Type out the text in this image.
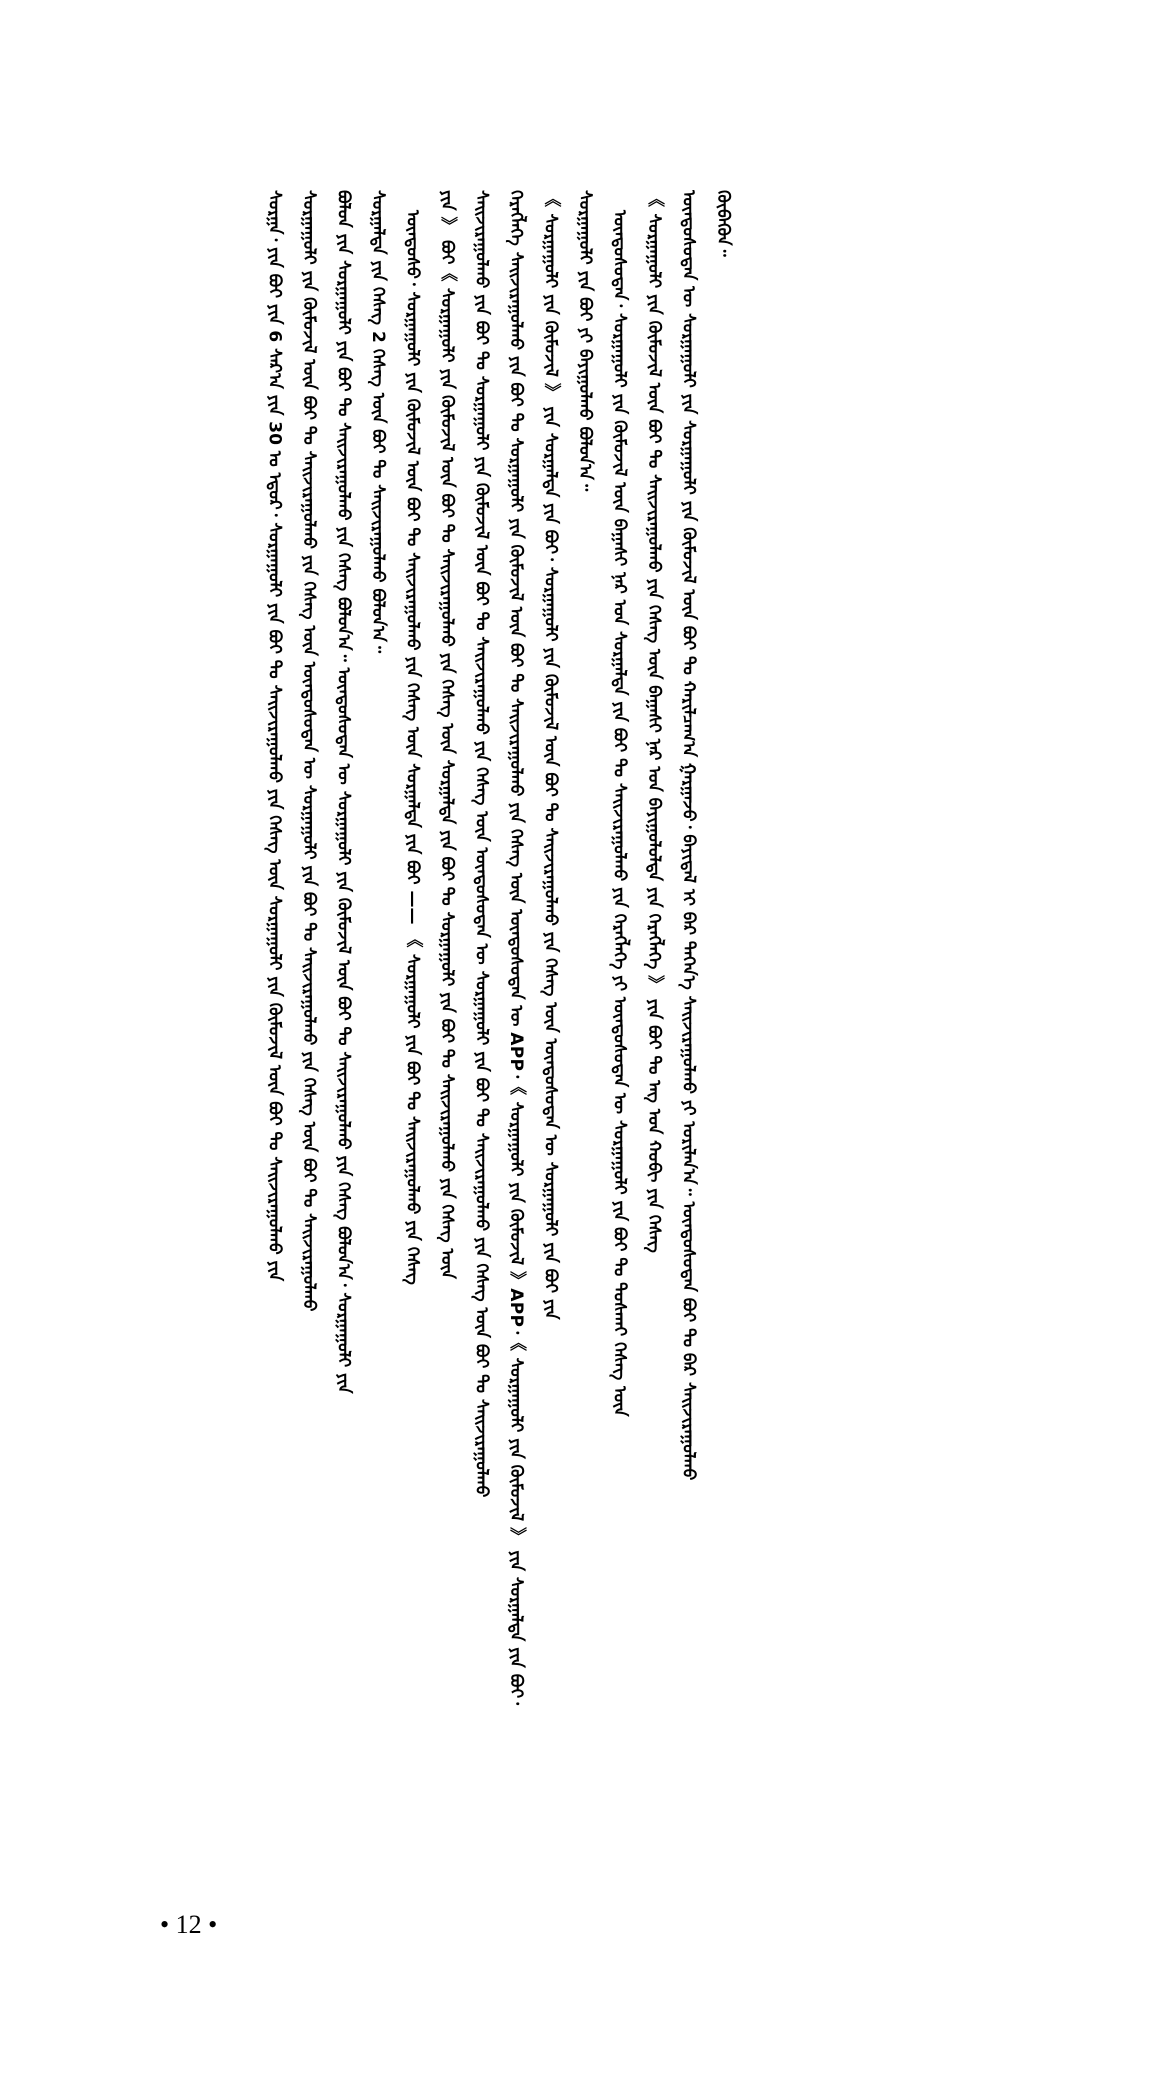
ᠬᠥᠪᠡᠭᠦᠨ᠃
ᠦᠨᠳᠦᠰᠦᠲᠡᠨ ᠦ ᠰᠤᠷᠭᠠᠭᠤᠯᠢ ᠶᠢᠨ ᠰᠤᠷᠭᠠᠭᠤᠯᠢ ᠶᠢᠨ ᠬᠦᠮᠦᠵᠢᠯ ᠦᠨ ᠪᠤᠢ ᠲᠤ ᠬᠠᠷᠢᠯᠴᠠᠭ᠎ᠠ ᠭᠠᠷᠭᠠᠵᠤ᠂ ᠪᠠᠶᠢᠳᠠᠯ ᠢ ᠪᠡᠷ ᠳᠡᠭᠡᠨ᠎ᠡ ᠰᠠᠢᠵᠢᠷᠠᠭᠤᠯᠬᠤ ᠶᠢ ᠤᠷᠢᠯᠠᠨ᠎ᠠ᠃ ᠦᠨᠳᠦᠰᠦᠲᠡᠨ ᠪᠤᠢ ᠲᠤ ᠪᠡᠷ ᠰᠠᠢᠵᠢᠷᠠᠭᠤᠯᠬᠤ
《 ᠰᠤᠷᠭᠠᠭᠤᠯᠢ ᠶᠢᠨ ᠬᠦᠮᠦᠵᠢᠯ ᠦᠨ ᠪᠤᠢ ᠲᠤ ᠰᠠᠢᠵᠢᠷᠠᠭᠤᠯᠬᠤ ᠶᠢᠨ ᠬᠡᠰᠡᠭ ᠦᠨ ᠪᠠᠭᠠᠰᠢ ᠨᠠᠷ ᠤᠨ ᠪᠠᠶᠢᠭᠤᠯᠤᠯᠲᠠ ᠶᠢᠨ ᠬᠡᠷᠡᠭᠯᠡᠭᠡ 》 ᠶᠢᠨ ᠪᠤᠢ ᠲᠤ ᠡᠩ ᠤᠨ ᠬᠤᠪᠢ ᠶᠢᠨ ᠬᠡᠰᠡᠭ
ᠦᠨᠳᠦᠰᠦᠲᠡᠨ᠂ ᠰᠤᠷᠭᠠᠭᠤᠯᠢ ᠶᠢᠨ ᠬᠦᠮᠦᠵᠢᠯ ᠦᠨ ᠪᠠᠭᠠᠰᠢ ᠨᠠᠷ ᠤᠨ ᠰᠤᠷᠭᠠᠯᠲᠠ ᠶᠢᠨ ᠪᠤᠢ ᠲᠤ ᠰᠠᠢᠵᠢᠷᠠᠭᠤᠯᠬᠤ ᠶᠢᠨ ᠬᠡᠷᠡᠭᠯᠡᠭᠡ ᠶᠢ ᠦᠨᠳᠦᠰᠦᠲᠡᠨ ᠦ ᠰᠤᠷᠭᠠᠭᠤᠯᠢ ᠶᠢᠨ ᠪᠤᠢ ᠲᠤ ᠲᠤᠰᠬᠠᠢ ᠬᠡᠰᠡᠭ ᠦᠨ
ᠰᠤᠷᠭᠠᠭᠤᠯᠢ ᠶᠢᠨ ᠪᠤᠢ ᠶᠢ ᠪᠠᠶᠢᠭᠤᠯᠬᠤ ᠪᠤᠯᠤᠨ᠎ᠠ᠃
《 ᠰᠤᠷᠭᠠᠭᠤᠯᠢ ᠶᠢᠨ ᠬᠦᠮᠦᠵᠢᠯ 》 ᠶᠢᠨ ᠰᠤᠷᠭᠠᠯᠲᠠ ᠶᠢᠨ ᠪᠤᠢ᠂ ᠰᠤᠷᠭᠠᠭᠤᠯᠢ ᠶᠢᠨ ᠬᠦᠮᠦᠵᠢᠯ ᠦᠨ ᠪᠤᠢ ᠲᠤ ᠰᠠᠢᠵᠢᠷᠠᠭᠤᠯᠬᠤ ᠶᠢᠨ ᠬᠡᠰᠡᠭ ᠦᠨ ᠦᠨᠳᠦᠰᠦᠲᠡᠨ ᠦ ᠰᠤᠷᠭᠠᠭᠤᠯᠢ ᠶᠢᠨ ᠪᠤᠢ ᠶᠢᠨ
ᠬᠡᠷᠡᠭᠯᠡᠭᠡ ᠰᠠᠢᠵᠢᠷᠠᠭᠤᠯᠬᠤ ᠶᠢᠨ ᠪᠤᠢ ᠲᠤ ᠰᠤᠷᠭᠠᠭᠤᠯᠢ ᠶᠢᠨ ᠬᠦᠮᠦᠵᠢᠯ ᠦᠨ ᠪᠤᠢ ᠲᠤ ᠰᠠᠢᠵᠢᠷᠠᠭᠤᠯᠬᠤ ᠶᠢᠨ ᠬᠡᠰᠡᠭ ᠦᠨ ᠦᠨᠳᠦᠰᠦᠲᠡᠨ ᠦ APP᠂《 ᠰᠤᠷᠭᠠᠭᠤᠯᠢ ᠶᠢᠨ ᠬᠦᠮᠦᠵᠢᠯ 》APP᠂《 ᠰᠤᠷᠭᠠᠭᠤᠯᠢ ᠶᠢᠨ ᠬᠦᠮᠦᠵᠢᠯ 》 ᠶᠢᠨ ᠰᠤᠷᠭᠠᠯᠲᠠ ᠶᠢᠨ ᠪᠤᠢ᠂
ᠰᠠᠢᠵᠢᠷᠠᠭᠤᠯᠬᠤ ᠶᠢᠨ ᠪᠤᠢ ᠲᠤ ᠰᠤᠷᠭᠠᠭᠤᠯᠢ ᠶᠢᠨ ᠬᠦᠮᠦᠵᠢᠯ ᠦᠨ ᠪᠤᠢ ᠲᠤ ᠰᠠᠢᠵᠢᠷᠠᠭᠤᠯᠬᠤ ᠶᠢᠨ ᠬᠡᠰᠡᠭ ᠦᠨ ᠦᠨᠳᠦᠰᠦᠲᠡᠨ ᠦ ᠰᠤᠷᠭᠠᠭᠤᠯᠢ ᠶᠢᠨ ᠪᠤᠢ ᠲᠤ ᠰᠠᠢᠵᠢᠷᠠᠭᠤᠯᠬᠤ ᠶᠢᠨ ᠬᠡᠰᠡᠭ ᠦᠨ ᠪᠤᠢ ᠲᠤ ᠰᠠᠢᠵᠢᠷᠠᠭᠤᠯᠬᠤ
ᠶᠢᠨ 》 ᠪᠤᠢ《 ᠰᠤᠷᠭᠠᠭᠤᠯᠢ ᠶᠢᠨ ᠬᠦᠮᠦᠵᠢᠯ ᠦᠨ ᠪᠤᠢ ᠲᠤ ᠰᠠᠢᠵᠢᠷᠠᠭᠤᠯᠬᠤ ᠶᠢᠨ ᠬᠡᠰᠡᠭ ᠦᠨ ᠰᠤᠷᠭᠠᠯᠲᠠ ᠶᠢᠨ ᠪᠤᠢ ᠲᠤ ᠰᠤᠷᠭᠠᠭᠤᠯᠢ ᠶᠢᠨ ᠪᠤᠢ ᠲᠤ ᠰᠠᠢᠵᠢᠷᠠᠭᠤᠯᠬᠤ ᠶᠢᠨ ᠬᠡᠰᠡᠭ ᠦᠨ
ᠦᠨᠳᠦᠰᠦ᠂ ᠰᠤᠷᠭᠠᠭᠤᠯᠢ ᠶᠢᠨ ᠬᠦᠮᠦᠵᠢᠯ ᠦᠨ ᠪᠤᠢ ᠲᠤ ᠰᠠᠢᠵᠢᠷᠠᠭᠤᠯᠬᠤ ᠶᠢᠨ ᠬᠡᠰᠡᠭ ᠦᠨ ᠰᠤᠷᠭᠠᠯᠲᠠ ᠶᠢᠨ ᠪᠤᠢ —— 《 ᠰᠤᠷᠭᠠᠭᠤᠯᠢ ᠶᠢᠨ ᠪᠤᠢ ᠲᠤ ᠰᠠᠢᠵᠢᠷᠠᠭᠤᠯᠬᠤ ᠶᠢᠨ ᠬᠡᠰᠡᠭ
ᠰᠤᠷᠭᠠᠯᠲᠠ ᠶᠢᠨ ᠬᠡᠰᠡᠭ 2 ᠬᠡᠰᠡᠭ ᠦᠨ ᠪᠤᠢ ᠲᠤ ᠰᠠᠢᠵᠢᠷᠠᠭᠤᠯᠬᠤ ᠪᠤᠯᠤᠨ᠎ᠠ᠃
ᠪᠤᠯᠤᠨ ᠶᠢᠨ ᠰᠤᠷᠭᠠᠭᠤᠯᠢ ᠶᠢᠨ ᠪᠤᠢ ᠲᠤ ᠰᠠᠢᠵᠢᠷᠠᠭᠤᠯᠬᠤ ᠶᠢᠨ ᠬᠡᠰᠡᠭ ᠪᠤᠯᠤᠨ᠎ᠠ᠃ ᠦᠨᠳᠦᠰᠦᠲᠡᠨ ᠦ ᠰᠤᠷᠭᠠᠭᠤᠯᠢ ᠶᠢᠨ ᠬᠦᠮᠦᠵᠢᠯ ᠦᠨ ᠪᠤᠢ ᠲᠤ ᠰᠠᠢᠵᠢᠷᠠᠭᠤᠯᠬᠤ ᠶᠢᠨ ᠬᠡᠰᠡᠭ ᠪᠤᠯᠤᠨ᠎ᠠ᠂ ᠰᠤᠷᠭᠠᠭᠤᠯᠢ ᠶᠢᠨ
ᠰᠤᠷᠭᠠᠭᠤᠯᠢ ᠶᠢᠨ ᠬᠦᠮᠦᠵᠢᠯ ᠦᠨ ᠪᠤᠢ ᠲᠤ ᠰᠠᠢᠵᠢᠷᠠᠭᠤᠯᠬᠤ ᠶᠢᠨ ᠬᠡᠰᠡᠭ ᠦᠨ ᠦᠨᠳᠦᠰᠦᠲᠡᠨ ᠦ ᠰᠤᠷᠭᠠᠭᠤᠯᠢ ᠶᠢᠨ ᠪᠤᠢ ᠲᠤ ᠰᠠᠢᠵᠢᠷᠠᠭᠤᠯᠬᠤ ᠶᠢᠨ ᠬᠡᠰᠡᠭ ᠦᠨ ᠪᠤᠢ ᠲᠤ ᠰᠠᠢᠵᠢᠷᠠᠭᠤᠯᠬᠤ
ᠰᠤᠷᠭᠠ᠂ ᠶᠢᠨ ᠪᠤᠢ ᠶᠢᠨ 6 ᠰᠠᠷ᠎ᠠ ᠶᠢᠨ 30 ᠤ ᠡᠳᠦᠷ᠂ ᠰᠤᠷᠭᠠᠭᠤᠯᠢ ᠶᠢᠨ ᠪᠤᠢ ᠲᠤ ᠰᠠᠢᠵᠢᠷᠠᠭᠤᠯᠬᠤ ᠶᠢᠨ ᠬᠡᠰᠡᠭ ᠦᠨ ᠰᠤᠷᠭᠠᠭᠤᠯᠢ ᠶᠢᠨ ᠬᠦᠮᠦᠵᠢᠯ ᠦᠨ ᠪᠤᠢ ᠲᠤ ᠰᠠᠢᠵᠢᠷᠠᠭᠤᠯᠬᠤ ᠶᠢᠨ
• 12 •
